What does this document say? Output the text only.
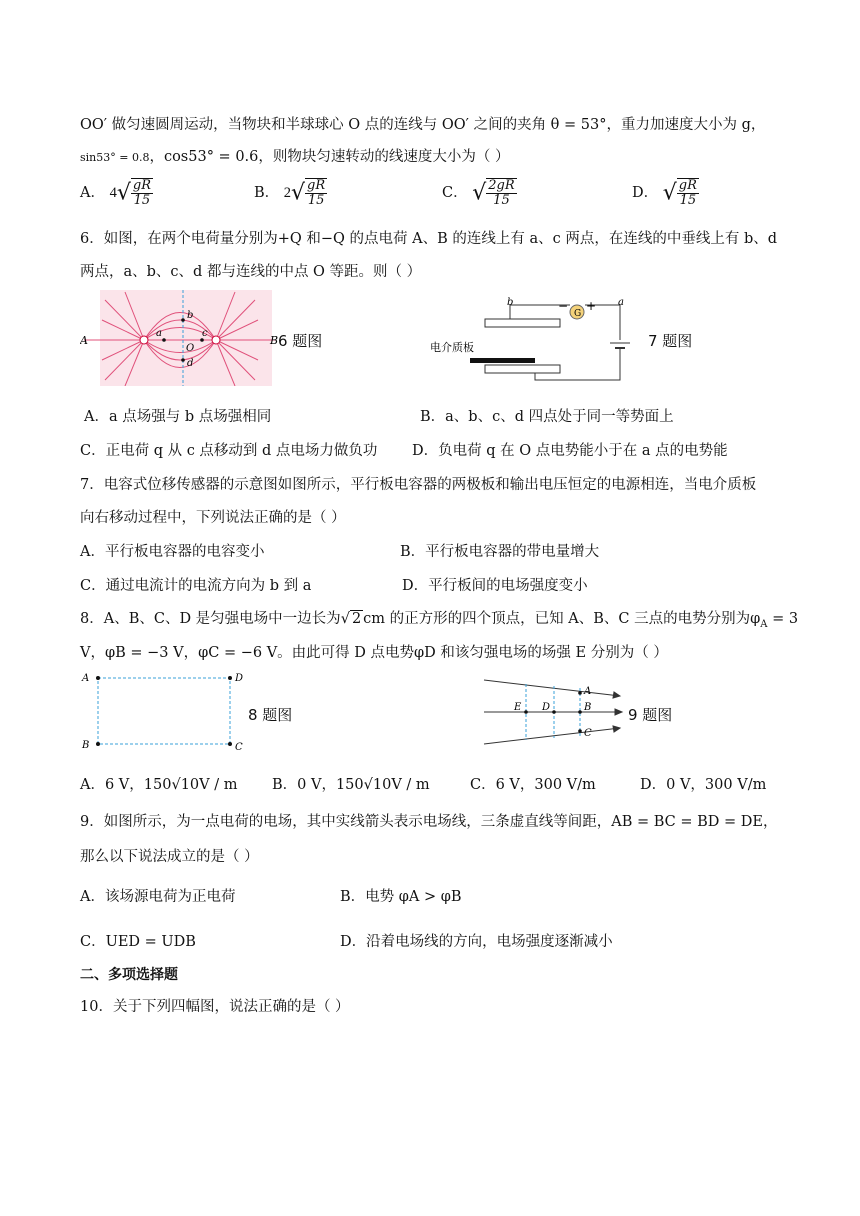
OO′ 做匀速圆周运动，当物块和半球球心 O 点的连线与 OO′ 之间的夹角 θ = 53°，重力加速度大小为 g，
sin53° = 0.8，cos53° = 0.6，则物块匀速转动的线速度大小为（ ）
A． $4√ \frac{gR}{15}$	B． $2√ \frac{gR}{15}$	C． √ $\frac{2gR}{15}$	D． √ $\frac{gR}{15}$
6．如图，在两个电荷量分别为+Q 和−Q 的点电荷 A、B 的连线上有 a、c 两点，在连线的中垂线上有 b、d
两点，a、b、c、d 都与连线的中点 O 等距。则（ ）
A	B
a
b
c
d
O	6 题图
G
− +
b	a
电介质板	7 题图
A．a 点场强与 b 点场强相同	B．a、b、c、d 四点处于同一等势面上
C．正电荷 q 从 c 点移动到 d 点电场力做负功 D．负电荷 q 在 O 点电势能小于在 a 点的电势能
7．电容式位移传感器的示意图如图所示，平行板电容器的两极板和输出电压恒定的电源相连，当电介质板
向右移动过程中，下列说法正确的是（ ）
A．平行板电容器的电容变小	B．平行板电容器的带电量增大
C．通过电流计的电流方向为 b 到 a	D．平行板间的电场强度变小
8．A、B、C、D 是匀强电场中一边长为√ 2 cm 的正方形的四个顶点，已知 A、B、C 三点的电势分别为$\varphi_A = 3$
V，φB = −3 V，φC = −6 V。由此可得 D 点电势φD 和该匀强电场的场强 E 分别为（ ）
A	D
B	C
8 题图
A
B
C
D
E	9 题图
A．6 V，150√10V / m B．0 V，150√10V / m	C．6 V，300 V/m	D．0 V，300 V/m
9．如图所示，为一点电荷的电场，其中实线箭头表示电场线，三条虚直线等间距，AB = BC = BD = DE，
那么以下说法成立的是（ ）
A．该场源电荷为正电荷	B．电势 φA > φB
C．UED = UDB	D．沿着电场线的方向，电场强度逐渐减小
二、多项选择题
10．关于下列四幅图，说法正确的是（ ）
